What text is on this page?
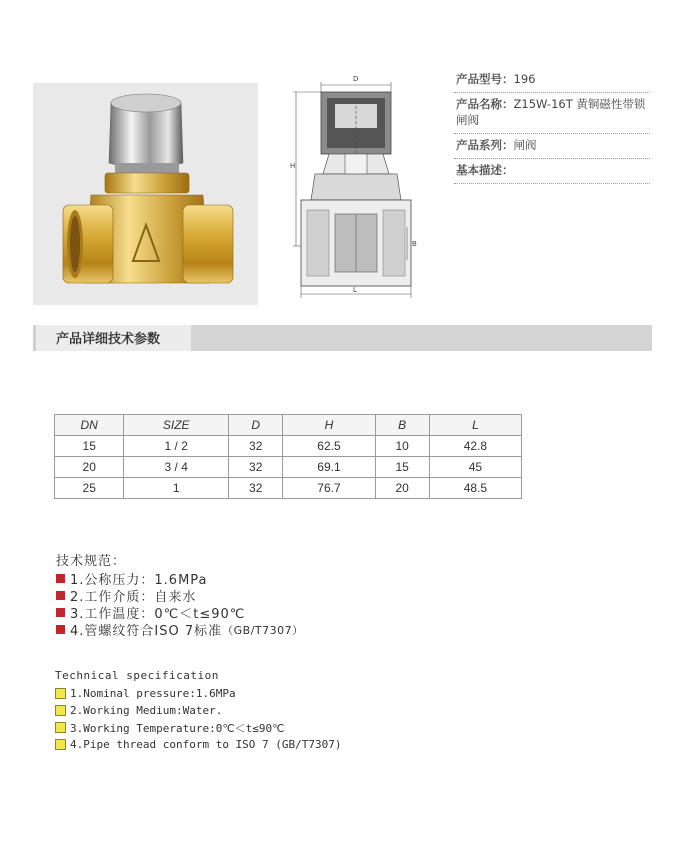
D
H
B
L
产品型号：196
产品名称：Z15W-16T 黄铜磁性带锁闸阀
产品系列：闸阀
基本描述：
产品详细技术参数
DN	SIZE	D	H	B	L
15	1 / 2	32	62.5	10	42.8
20	3 / 4	32	69.1	15	45
25	1	32	76.7	20	48.5
技术规范：
1.公称压力：1.6MPa
2.工作介质：自来水
3.工作温度：0℃＜t≤90℃
4.管螺纹符合ISO 7标准 （GB/T7307）
Technical specification
1.Nominal pressure:1.6MPa
2.Working Medium:Water.
3.Working Temperature:0℃＜t≤90℃
4.Pipe thread conform to ISO 7 (GB/T7307)
